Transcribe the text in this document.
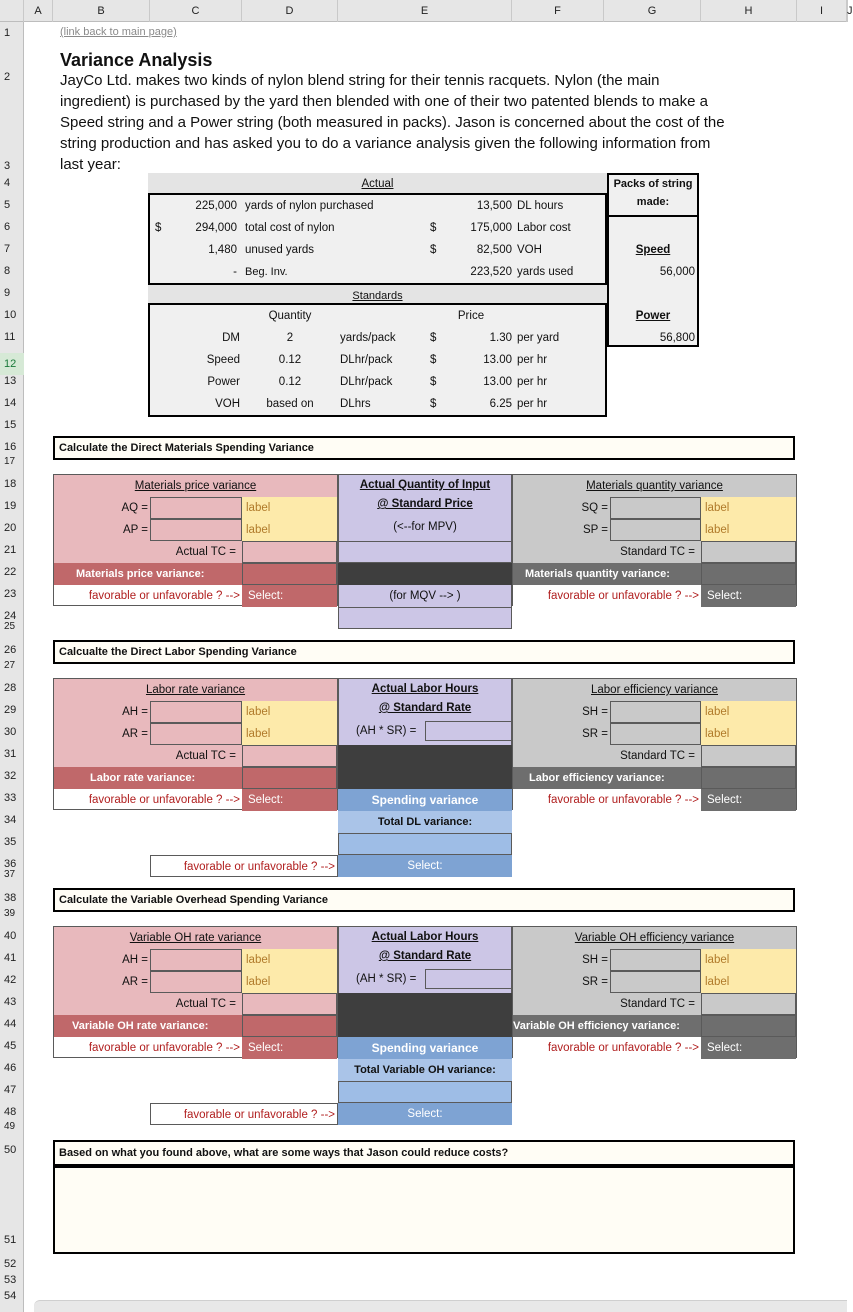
A	B	C	D	E	F	G	H	I	J
1
2
3
4
5
6
7
8
9
10
11
12
13
14
15
16
17
18
19
20
21
22
23
24
25
26
27
28
29
30
31
32
33
34
35
36
37
38
39
40
41
42
43
44
45
46
47
48
49
50
51
52
53
54
(link back to main page)
Variance Analysis
JayCo Ltd. makes two kinds of nylon blend string for their tennis racquets. Nylon (the main
ingredient) is purchased by the yard then blended with one of their two patented blends to make a
Speed string and a Power string (both measured in packs). Jason is concerned about the cost of the
string production and has asked you to do a variance analysis given the following information from
last year:
Actual
225,000 yards of nylon purchased	13,500 DL hours
$	294,000 total cost of nylon	$	175,000 Labor cost
1,480 unused yards	$	82,500 VOH
- Beg. Inv.	223,520 yards used
Standards
Quantity	Price
DM	2	yards/pack	$	1.30 per yard
Speed	0.12	DLhr/pack	$	13.00 per hr
Power	0.12	DLhr/pack	$	13.00 per hr
VOH	based on	DLhrs	$	6.25 per hr
Packs of string
made:
Speed
56,000
Power
56,800
Calculate the Direct Materials Spending Variance
Materials price variance
AQ =	label
AP =	label
Actual TC =
Materials price variance:
favorable or unfavorable ? --> Select:
Actual Quantity of Input
@ Standard Price
(<--for MPV)
(for MQV --> )
Materials quantity variance
SQ =	label
SP =	label
Standard TC =
Materials quantity variance:
favorable or unfavorable ? --> Select:
Calcualte the Direct Labor Spending Variance
Labor rate variance
AH =	label
AR =	label
Actual TC =
Labor rate variance:
favorable or unfavorable ? --> Select:
Actual Labor Hours
@ Standard Rate
(AH * SR) =
Spending variance
Total DL variance:
favorable or unfavorable ? -->	Select:
Labor efficiency variance
SH =	label
SR =	label
Standard TC =
Labor efficiency variance:
favorable or unfavorable ? --> Select:
Calculate the Variable Overhead Spending Variance
Variable OH rate variance
AH =	label
AR =	label
Actual TC =
Variable OH rate variance:
favorable or unfavorable ? --> Select:
Actual Labor Hours
@ Standard Rate
(AH * SR) =
Spending variance
Total Variable OH variance:
favorable or unfavorable ? -->	Select:
Variable OH efficiency variance
SH =	label
SR =	label
Standard TC =
Variable OH efficiency variance:
favorable or unfavorable ? --> Select:
Based on what you found above, what are some ways that Jason could reduce costs?
